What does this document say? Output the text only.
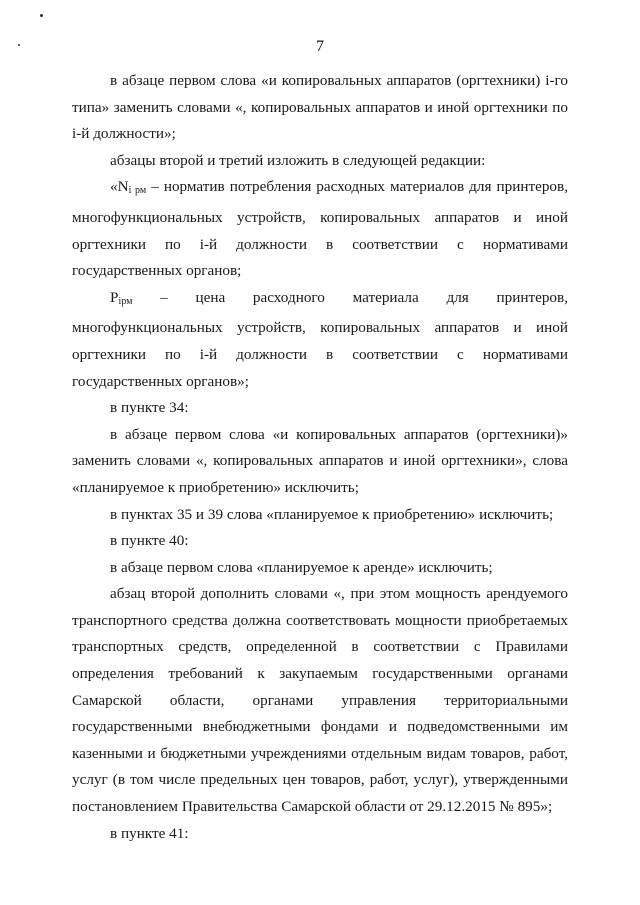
7

в абзаце первом слова «и копировальных аппаратов (оргтехники) i-го типа» заменить словами «, копировальных аппаратов и иной оргтехники по i-й должности»;

абзацы второй и третий изложить в следующей редакции:

«$N_{i рм}$ – норматив потребления расходных материалов для принтеров, многофункциональных устройств, копировальных аппаратов и иной оргтехники по i-й должности в соответствии с нормативами государственных органов;

$P_{iрм}$ – цена расходного материала для принтеров,

многофункциональных устройств, копировальных аппаратов и иной оргтехники по i-й должности в соответствии с нормативами государственных органов»;

в пункте 34:

в абзаце первом слова «и копировальных аппаратов (оргтехники)» заменить словами «, копировальных аппаратов и иной оргтехники», слова «планируемое к приобретению» исключить;

в пунктах 35 и 39 слова «планируемое к приобретению» исключить;

в пункте 40:

в абзаце первом слова «планируемое к аренде» исключить;

абзац второй дополнить словами «, при этом мощность арендуемого транспортного средства должна соответствовать мощности приобретаемых транспортных средств, определенной в соответствии с Правилами определения требований к закупаемым государственными органами Самарской области, органами управления территориальными государственными внебюджетными фондами и подведомственными им казенными и бюджетными учреждениями отдельным видам товаров, работ, услуг (в том числе предельных цен товаров, работ, услуг), утвержденными постановлением Правительства Самарской области от 29.12.2015 № 895»;

в пункте 41:
